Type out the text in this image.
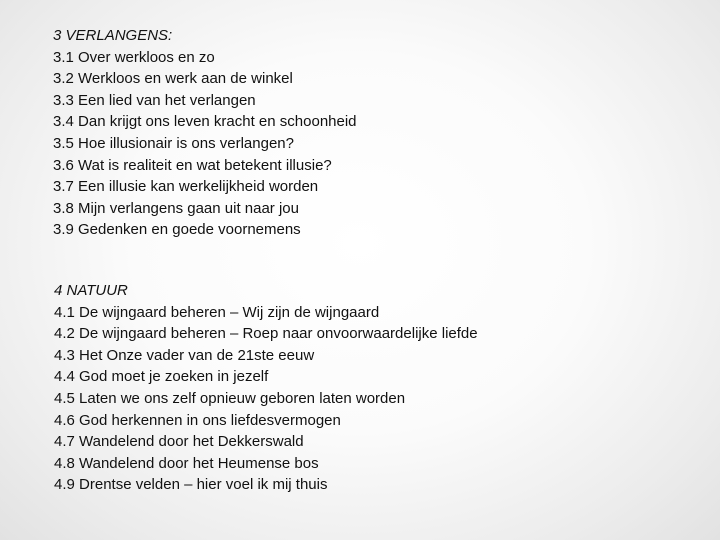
3 VERLANGENS:
3.1 Over werkloos en zo
3.2 Werkloos en werk aan de winkel
3.3 Een lied van het verlangen
3.4 Dan krijgt ons leven kracht en schoonheid
3.5 Hoe illusionair is ons verlangen?
3.6 Wat is realiteit en wat betekent illusie?
3.7 Een illusie kan werkelijkheid worden
3.8 Mijn verlangens gaan uit naar jou
3.9 Gedenken en goede voornemens
4 NATUUR
4.1 De wijngaard beheren – Wij zijn de wijngaard
4.2 De wijngaard beheren – Roep naar onvoorwaardelijke liefde
4.3 Het Onze vader van de 21ste eeuw
4.4 God moet je zoeken in jezelf
4.5 Laten we ons zelf opnieuw geboren laten worden
4.6 God herkennen in ons liefdesvermogen
4.7 Wandelend door het Dekkerswald
4.8 Wandelend door het Heumense bos
4.9 Drentse velden – hier voel ik mij thuis
